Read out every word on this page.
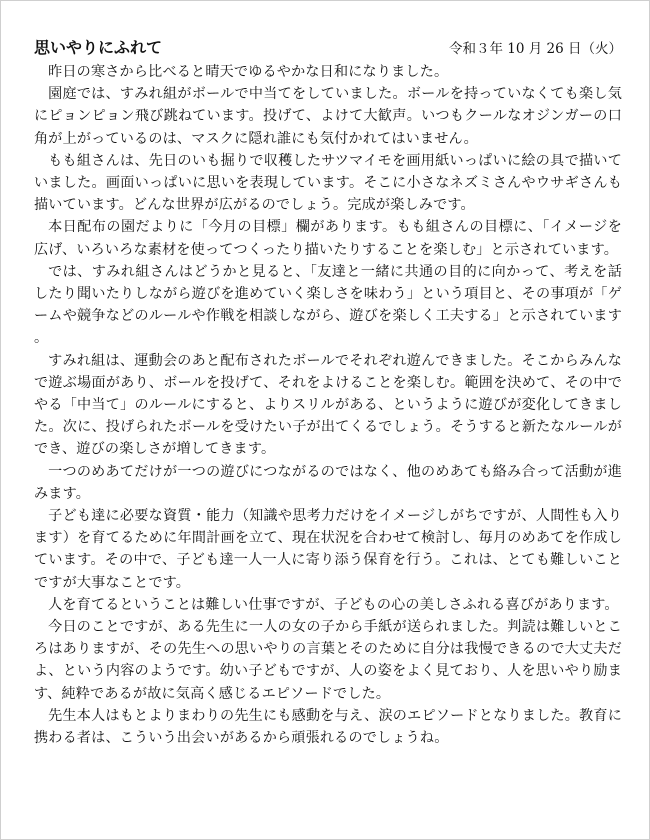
思いやりにふれて	令和３年 10 月 26 日（火）

昨日の寒さから比べると晴天でゆるやかな日和になりました。

園庭では、すみれ組がボールで中当てをしていました。ボールを持っていなくても楽し気にピョンピョン飛び跳ねています。投げて、よけて大歓声。いつもクールなオジンガーの口角が上がっているのは、マスクに隠れ誰にも気付かれてはいません。

もも組さんは、先日のいも掘りで収穫したサツマイモを画用紙いっぱいに絵の具で描いていました。画面いっぱいに思いを表現しています。そこに小さなネズミさんやウサギさんも描いています。どんな世界が広がるのでしょう。完成が楽しみです。

本日配布の園だよりに「今月の目標」欄があります。もも組さんの目標に、「イメージを広げ、いろいろな素材を使ってつくったり描いたりすることを楽しむ」と示されています。

では、すみれ組さんはどうかと見ると、「友達と一緒に共通の目的に向かって、考えを話したり聞いたりしながら遊びを進めていく楽しさを味わう」という項目と、その事項が「ゲームや競争などのルールや作戦を相談しながら、遊びを楽しく工夫する」と示されています。

すみれ組は、運動会のあと配布されたボールでそれぞれ遊んできました。そこからみんなで遊ぶ場面があり、ボールを投げて、それをよけることを楽しむ。範囲を決めて、その中でやる「中当て」のルールにすると、よりスリルがある、というように遊びが変化してきました。次に、投げられたボールを受けたい子が出てくるでしょう。そうすると新たなルールができ、遊びの楽しさが増してきます。

一つのめあてだけが一つの遊びにつながるのではなく、他のめあても絡み合って活動が進みます。

子ども達に必要な資質・能力（知識や思考力だけをイメージしがちですが、人間性も入ります）を育てるために年間計画を立て、現在状況を合わせて検討し、毎月のめあてを作成しています。その中で、子ども達一人一人に寄り添う保育を行う。これは、とても難しいことですが大事なことです。

人を育てるということは難しい仕事ですが、子どもの心の美しさふれる喜びがあります。

今日のことですが、ある先生に一人の女の子から手紙が送られました。判読は難しいところはありますが、その先生への思いやりの言葉とそのために自分は我慢できるので大丈夫だよ、という内容のようです。幼い子どもですが、人の姿をよく見ており、人を思いやり励ます、純粋であるが故に気高く感じるエピソードでした。

先生本人はもとよりまわりの先生にも感動を与え、涙のエピソードとなりました。教育に携わる者は、こういう出会いがあるから頑張れるのでしょうね。
